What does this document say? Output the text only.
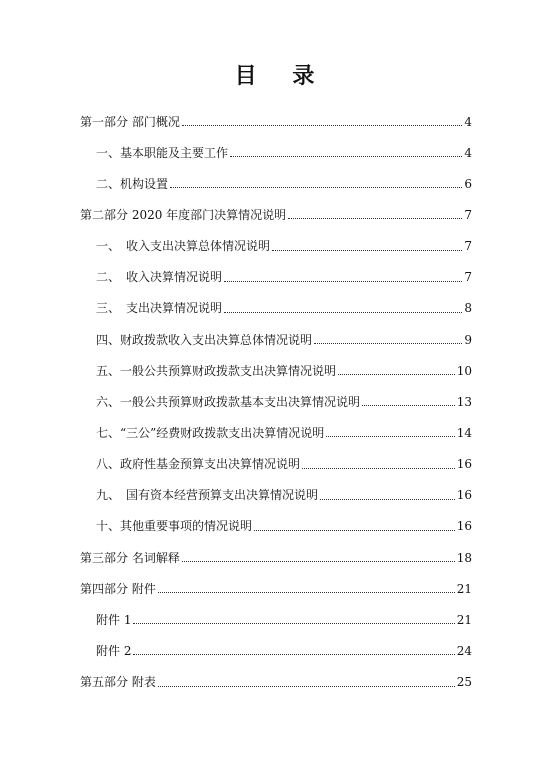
目 录
第一部分 部门概况	4
一、基本职能及主要工作	4
二、机构设置	6
第二部分 2020 年度部门决算情况说明	7
一、　收入支出决算总体情况说明	7
二、　收入决算情况说明	7
三、　支出决算情况说明	8
四、财政拨款收入支出决算总体情况说明	9
五、一般公共预算财政拨款支出决算情况说明	10
六、一般公共预算财政拨款基本支出决算情况说明	13
七、“三公”经费财政拨款支出决算情况说明	14
八、政府性基金预算支出决算情况说明	16
九、　国有资本经营预算支出决算情况说明	16
十、其他重要事项的情况说明	16
第三部分 名词解释	18
第四部分 附件	21
附件 1	21
附件 2	24
第五部分 附表	25
